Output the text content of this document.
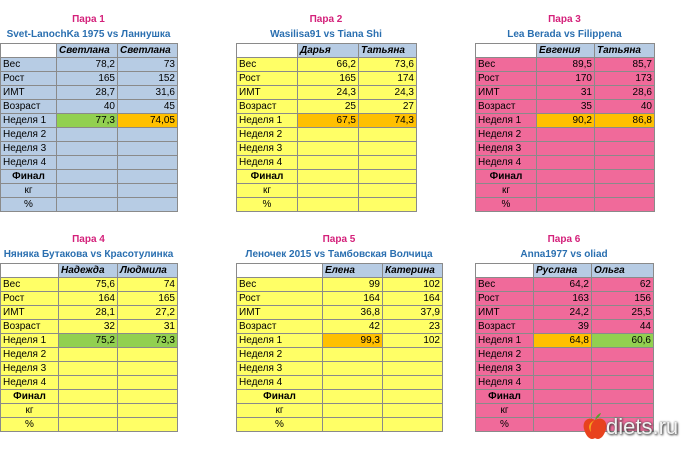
Пара 1
Svet-LanochKa 1975 vs Ланнушка
	Светлана	Светлана
Вес	78,2	73
Рост	165	152
ИМТ	28,7	31,6
Возраст	40	45
Неделя 1	77,3	74,05
Неделя 2		
Неделя 3		
Неделя 4		
Финал		
кг		
%		
Пара 2
Wasilisa91 vs Tiana Shi
	Дарья	Татьяна
Вес	66,2	73,6
Рост	165	174
ИМТ	24,3	24,3
Возраст	25	27
Неделя 1	67,5	74,3
Неделя 2		
Неделя 3		
Неделя 4		
Финал		
кг		
%		
Пара 3
Lea Berada vs Filippena
	Евгения	Татьяна
Вес	89,5	85,7
Рост	170	173
ИМТ	31	28,6
Возраст	35	40
Неделя 1	90,2	86,8
Неделя 2		
Неделя 3		
Неделя 4		
Финал		
кг		
%		
Пара 4
Няняка Бутакова vs Красотулинка
	Надежда	Людмила
Вес	75,6	74
Рост	164	165
ИМТ	28,1	27,2
Возраст	32	31
Неделя 1	75,2	73,3
Неделя 2		
Неделя 3		
Неделя 4		
Финал		
кг		
%		
Пара 5
Леночек 2015 vs Тамбовская Волчица
	Елена	Катерина
Вес	99	102
Рост	164	164
ИМТ	36,8	37,9
Возраст	42	23
Неделя 1	99,3	102
Неделя 2		
Неделя 3		
Неделя 4		
Финал		
кг		
%		
Пара 6
Anna1977 vs oliad
	Руслана	Ольга
Вес	64,2	62
Рост	163	156
ИМТ	24,2	25,5
Возраст	39	44
Неделя 1	64,8	60,6
Неделя 2		
Неделя 3		
Неделя 4		
Финал		
кг		
%			diets.ru
